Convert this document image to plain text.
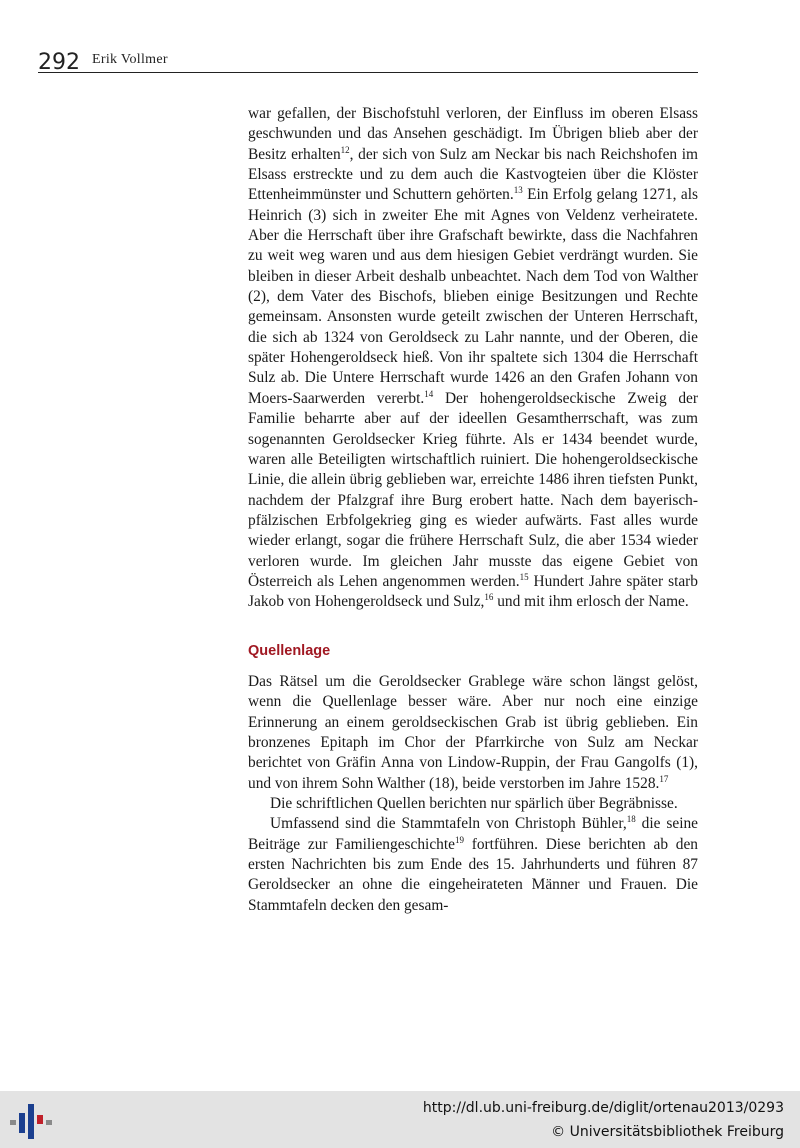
292 Erik Vollmer

war gefallen, der Bischofstuhl verloren, der Einfluss im oberen Elsass geschwunden und das Ansehen geschädigt. Im Übrigen blieb aber der Besitz erhalten$^{12}$, der sich von Sulz am Neckar bis nach Reichshofen im Elsass erstreckte und zu dem auch die Kastvogteien über die Klöster Ettenheimmünster und Schuttern gehörten.$^{13}$ Ein Erfolg gelang 1271, als Heinrich (3) sich in zweiter Ehe mit Agnes von Veldenz verheiratete. Aber die Herrschaft über ihre Grafschaft bewirkte, dass die Nachfahren zu weit weg waren und aus dem hiesigen Gebiet verdrängt wurden. Sie bleiben in dieser Arbeit deshalb unbeachtet. Nach dem Tod von Walther (2), dem Vater des Bischofs, blieben einige Besitzungen und Rechte gemeinsam. Ansonsten wurde geteilt zwischen der Unteren Herrschaft, die sich ab 1324 von Geroldseck zu Lahr nannte, und der Oberen, die später Hohengeroldseck hieß. Von ihr spaltete sich 1304 die Herrschaft Sulz ab. Die Untere Herrschaft wurde 1426 an den Grafen Johann von Moers-Saarwerden vererbt.$^{14}$ Der hohengeroldseckische Zweig der Familie beharrte aber auf der ideellen Gesamtherrschaft, was zum sogenannten Geroldsecker Krieg führte. Als er 1434 beendet wurde, waren alle Beteiligten wirtschaftlich ruiniert. Die hohengeroldseckische Linie, die allein übrig geblieben war, erreichte 1486 ihren tiefsten Punkt, nachdem der Pfalzgraf ihre Burg erobert hatte. Nach dem bayerisch-pfälzischen Erbfolgekrieg ging es wieder aufwärts. Fast alles wurde wieder erlangt, sogar die frühere Herrschaft Sulz, die aber 1534 wieder verloren wurde. Im gleichen Jahr musste das eigene Gebiet von Österreich als Lehen angenommen werden.$^{15}$ Hundert Jahre später starb Jakob von Hohengeroldseck und Sulz,$^{16}$ und mit ihm erlosch der Name.

Quellenlage

Das Rätsel um die Geroldsecker Grablege wäre schon längst gelöst, wenn die Quellenlage besser wäre. Aber nur noch eine einzige Erinnerung an einem geroldseckischen Grab ist übrig geblieben. Ein bronzenes Epitaph im Chor der Pfarrkirche von Sulz am Neckar berichtet von Gräfin Anna von Lindow-Ruppin, der Frau Gangolfs (1), und von ihrem Sohn Walther (18), beide verstorben im Jahre 1528.17

Die schriftlichen Quellen berichten nur spärlich über Begräbnisse.

Umfassend sind die Stammtafeln von Christoph Bühler,$^{18}$ die seine Beiträge zur Familiengeschichte$^{19}$ fortführen. Diese berichten ab den ersten Nachrichten bis zum Ende des 15. Jahrhunderts und führen 87 Geroldsecker an ohne die eingeheirateten Männer und Frauen. Die Stammtafeln decken den gesam-

http://dl.ub.uni-freiburg.de/diglit/ortenau2013/0293
© Universitätsbibliothek Freiburg
